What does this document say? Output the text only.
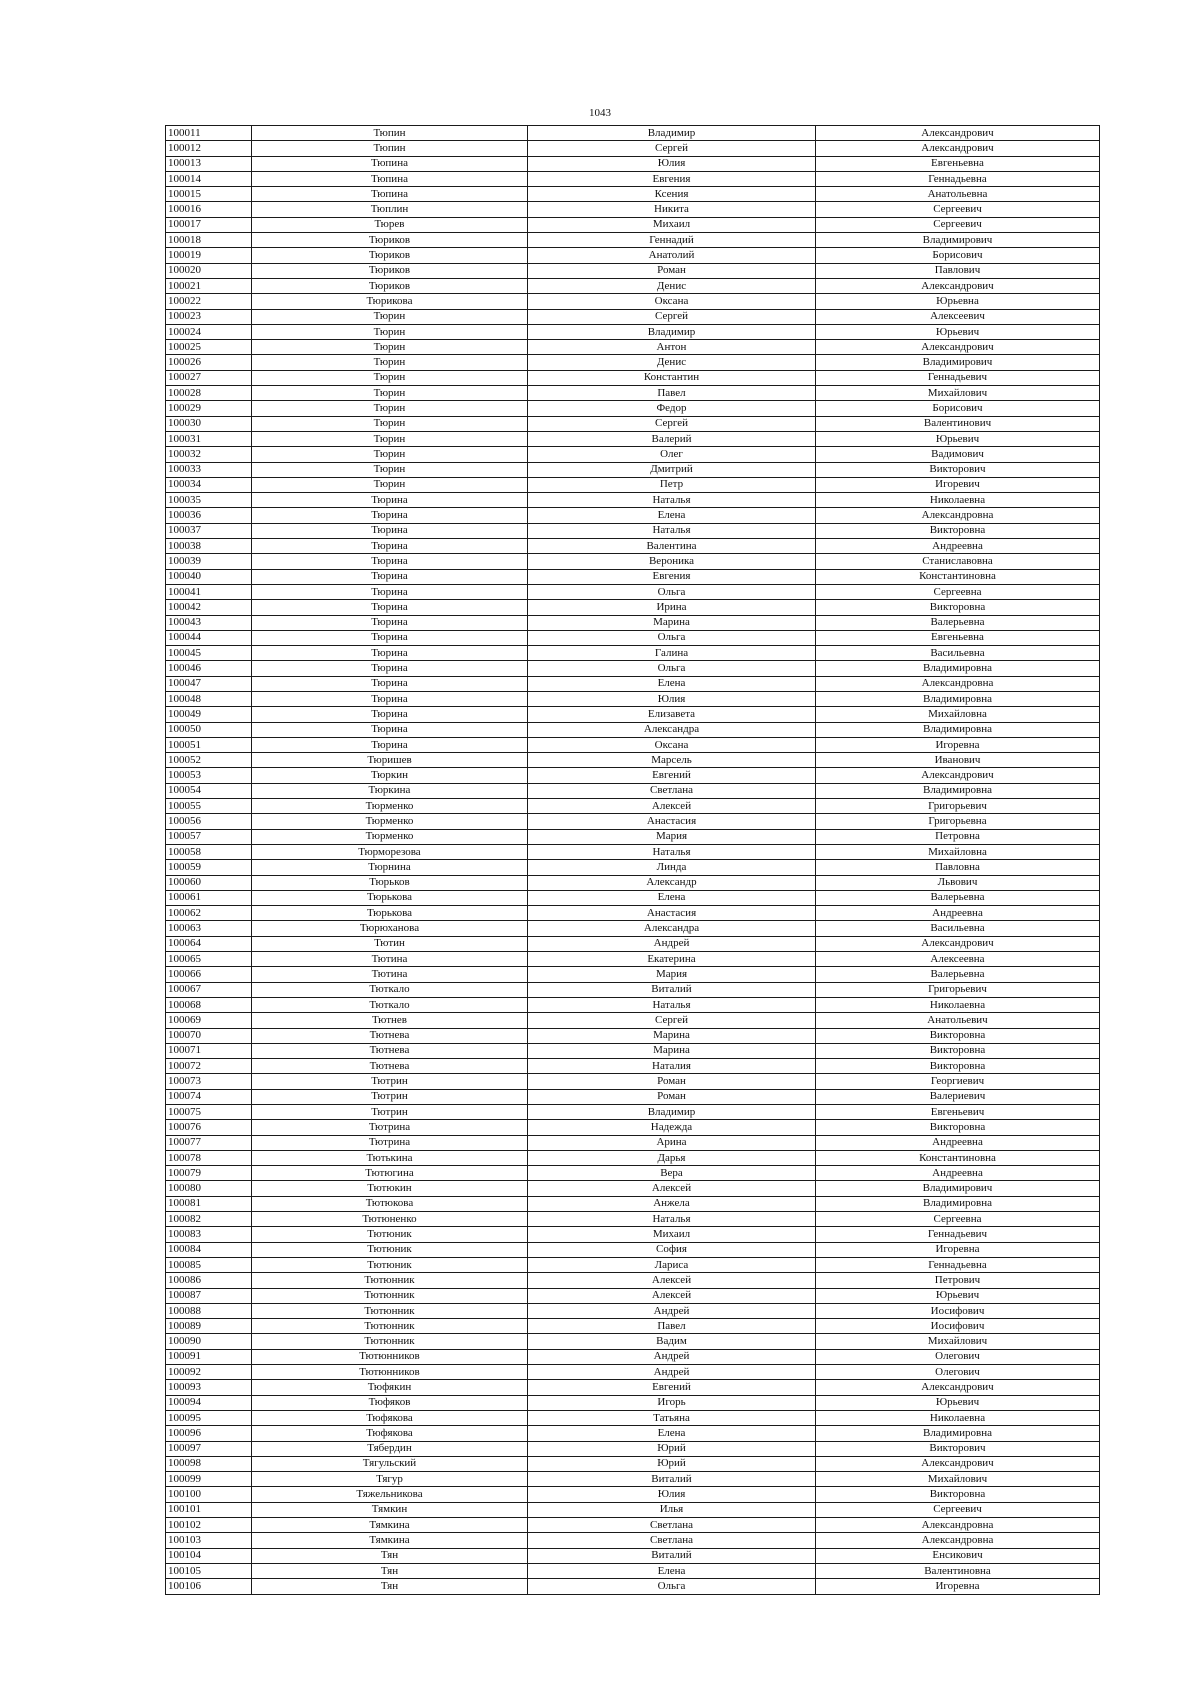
1043
100011	Тюпин	Владимир	Александрович
100012	Тюпин	Сергей	Александрович
100013	Тюпина	Юлия	Евгеньевна
100014	Тюпина	Евгения	Геннадьевна
100015	Тюпина	Ксения	Анатольевна
100016	Тюплин	Никита	Сергеевич
100017	Тюрев	Михаил	Сергеевич
100018	Тюриков	Геннадий	Владимирович
100019	Тюриков	Анатолий	Борисович
100020	Тюриков	Роман	Павлович
100021	Тюриков	Денис	Александрович
100022	Тюрикова	Оксана	Юрьевна
100023	Тюрин	Сергей	Алексеевич
100024	Тюрин	Владимир	Юрьевич
100025	Тюрин	Антон	Александрович
100026	Тюрин	Денис	Владимирович
100027	Тюрин	Константин	Геннадьевич
100028	Тюрин	Павел	Михайлович
100029	Тюрин	Федор	Борисович
100030	Тюрин	Сергей	Валентинович
100031	Тюрин	Валерий	Юрьевич
100032	Тюрин	Олег	Вадимович
100033	Тюрин	Дмитрий	Викторович
100034	Тюрин	Петр	Игоревич
100035	Тюрина	Наталья	Николаевна
100036	Тюрина	Елена	Александровна
100037	Тюрина	Наталья	Викторовна
100038	Тюрина	Валентина	Андреевна
100039	Тюрина	Вероника	Станиславовна
100040	Тюрина	Евгения	Константиновна
100041	Тюрина	Ольга	Сергеевна
100042	Тюрина	Ирина	Викторовна
100043	Тюрина	Марина	Валерьевна
100044	Тюрина	Ольга	Евгеньевна
100045	Тюрина	Галина	Васильевна
100046	Тюрина	Ольга	Владимировна
100047	Тюрина	Елена	Александровна
100048	Тюрина	Юлия	Владимировна
100049	Тюрина	Елизавета	Михайловна
100050	Тюрина	Александра	Владимировна
100051	Тюрина	Оксана	Игоревна
100052	Тюришев	Марсель	Иванович
100053	Тюркин	Евгений	Александрович
100054	Тюркина	Светлана	Владимировна
100055	Тюрменко	Алексей	Григорьевич
100056	Тюрменко	Анастасия	Григорьевна
100057	Тюрменко	Мария	Петровна
100058	Тюрморезова	Наталья	Михайловна
100059	Тюрнина	Линда	Павловна
100060	Тюрьков	Александр	Львович
100061	Тюрькова	Елена	Валерьевна
100062	Тюрькова	Анастасия	Андреевна
100063	Тюрюханова	Александра	Васильевна
100064	Тютин	Андрей	Александрович
100065	Тютина	Екатерина	Алексеевна
100066	Тютина	Мария	Валерьевна
100067	Тюткало	Виталий	Григорьевич
100068	Тюткало	Наталья	Николаевна
100069	Тютнев	Сергей	Анатольевич
100070	Тютнева	Марина	Викторовна
100071	Тютнева	Марина	Викторовна
100072	Тютнева	Наталия	Викторовна
100073	Тютрин	Роман	Георгиевич
100074	Тютрин	Роман	Валериевич
100075	Тютрин	Владимир	Евгеньевич
100076	Тютрина	Надежда	Викторовна
100077	Тютрина	Арина	Андреевна
100078	Тютькина	Дарья	Константиновна
100079	Тютюгина	Вера	Андреевна
100080	Тютюкин	Алексей	Владимирович
100081	Тютюкова	Анжела	Владимировна
100082	Тютюненко	Наталья	Сергеевна
100083	Тютюник	Михаил	Геннадьевич
100084	Тютюник	София	Игоревна
100085	Тютюник	Лариса	Геннадьевна
100086	Тютюнник	Алексей	Петрович
100087	Тютюнник	Алексей	Юрьевич
100088	Тютюнник	Андрей	Иосифович
100089	Тютюнник	Павел	Иосифович
100090	Тютюнник	Вадим	Михайлович
100091	Тютюнников	Андрей	Олегович
100092	Тютюнников	Андрей	Олегович
100093	Тюфякин	Евгений	Александрович
100094	Тюфяков	Игорь	Юрьевич
100095	Тюфякова	Татьяна	Николаевна
100096	Тюфякова	Елена	Владимировна
100097	Тябердин	Юрий	Викторович
100098	Тягульский	Юрий	Александрович
100099	Тягур	Виталий	Михайлович
100100	Тяжельникова	Юлия	Викторовна
100101	Тямкин	Илья	Сергеевич
100102	Тямкина	Светлана	Александровна
100103	Тямкина	Светлана	Александровна
100104	Тян	Виталий	Енсикович
100105	Тян	Елена	Валентиновна
100106	Тян	Ольга	Игоревна
